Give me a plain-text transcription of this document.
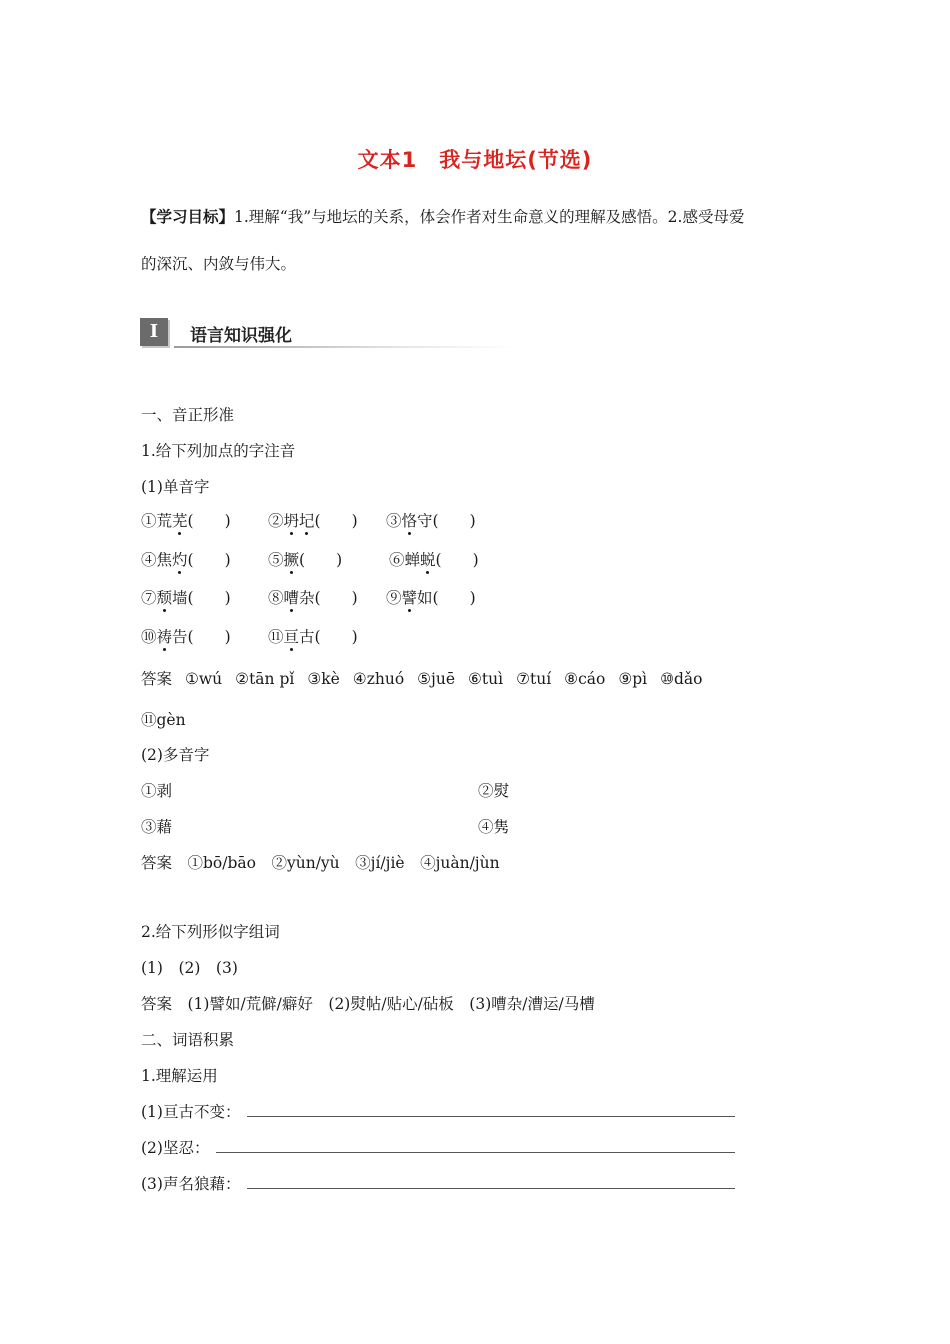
文本1　我与地坛(节选)
【学习目标】1.理解“我”与地坛的关系，体会作者对生命意义的理解及感悟。2.感受母爱
的深沉、内敛与伟大。
I	语言知识强化
一、音正形准
1.给下列加点的字注音
(1)单音字
①荒芜(　　) ②坍圮(　　) ③恪守(　　)
④焦灼(　　) ⑤撅(　　)	⑥蝉蜕(　　)
⑦颓墙(　　) ⑧嘈杂(　　) ⑨譬如(　　)
⑩祷告(　　) ⑪亘古(　　)
答案 ①wú ②tān pǐ ③kè ④zhuó ⑤juē ⑥tuì ⑦tuí ⑧cáo ⑨pì ⑩dǎo
⑪gèn
(2)多音字
①剥	②熨
③藉	④隽
答案　①bō/bāo　②yùn/yù　③jí/jiè　④juàn/jùn
2.给下列形似字组词
(1)　(2)　(3)
答案　(1)譬如/荒僻/癖好　(2)熨帖/贴心/砧板　(3)嘈杂/漕运/马槽
二、词语积累
1.理解运用
(1)亘古不变：
(2)坚忍：
(3)声名狼藉：
